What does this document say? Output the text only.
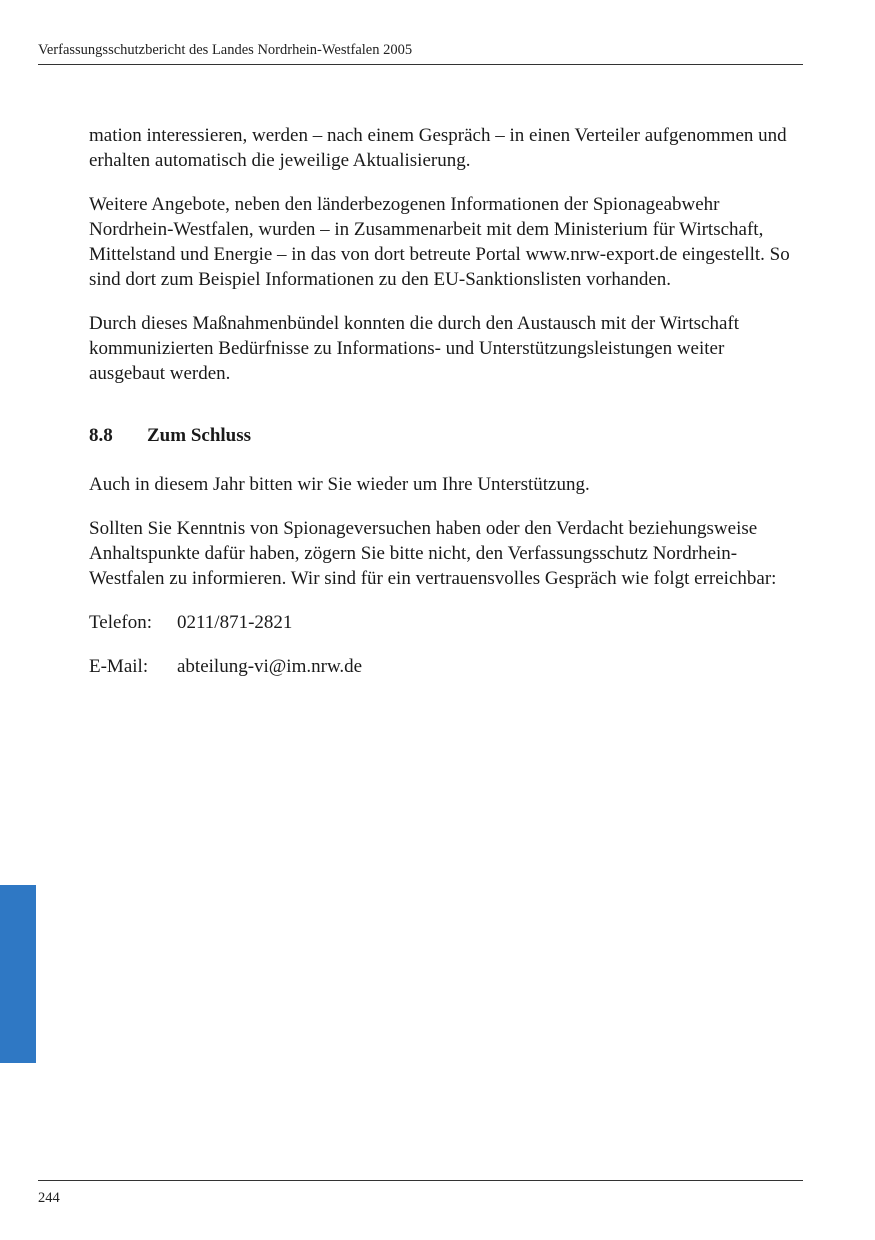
Verfassungsschutzbericht des Landes Nordrhein-Westfalen 2005

mation interessieren, werden – nach einem Gespräch – in einen Verteiler aufgenommen und erhalten automatisch die jeweilige Aktualisierung.

Weitere Angebote, neben den länderbezogenen Informationen der Spionageabwehr Nordrhein-Westfalen, wurden – in Zusammenarbeit mit dem Ministerium für Wirtschaft, Mittelstand und Energie – in das von dort betreute Portal www.nrw-export.de eingestellt. So sind dort zum Beispiel Informationen zu den EU-Sanktionslisten vorhanden.

Durch dieses Maßnahmenbündel konnten die durch den Austausch mit der Wirtschaft kommunizierten Bedürfnisse zu Informations- und Unterstützungsleistungen weiter ausgebaut werden.

8.8	Zum Schluss

Auch in diesem Jahr bitten wir Sie wieder um Ihre Unterstützung.

Sollten Sie Kenntnis von Spionageversuchen haben oder den Verdacht beziehungsweise Anhaltspunkte dafür haben, zögern Sie bitte nicht, den Verfassungsschutz Nordrhein-Westfalen zu informieren. Wir sind für ein vertrauensvolles Gespräch wie folgt erreichbar:

Telefon:	0211/871-2821
E-Mail:	abteilung-vi@im.nrw.de
244
